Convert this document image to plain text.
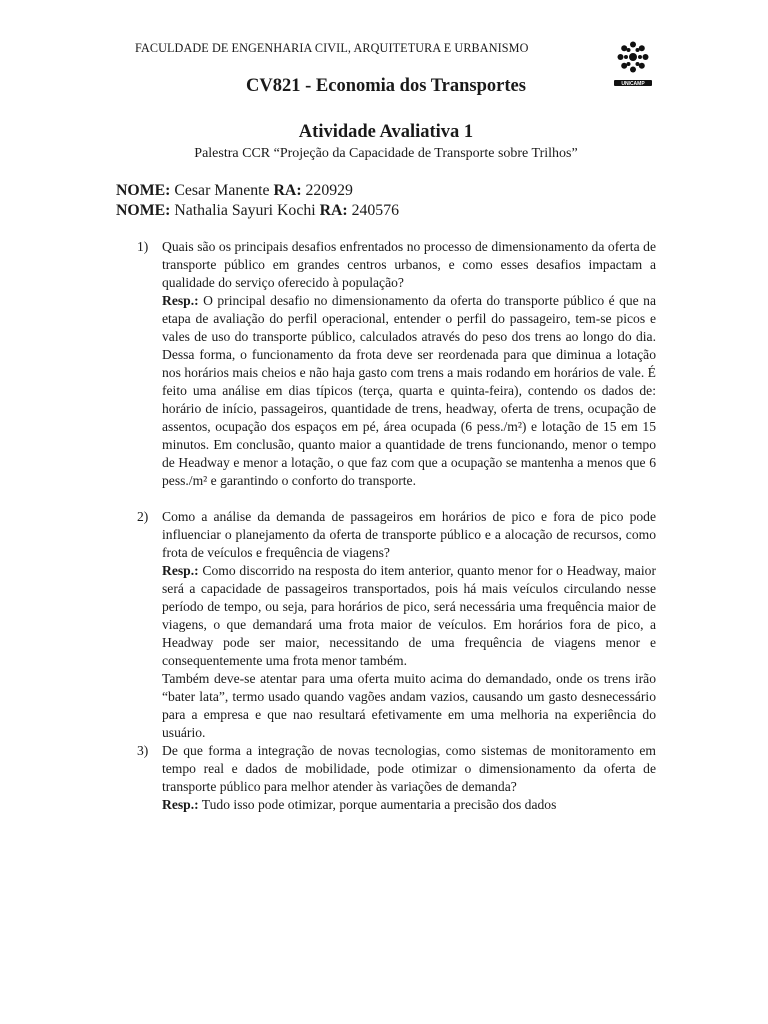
FACULDADE DE ENGENHARIA CIVIL, ARQUITETURA E URBANISMO
UNICAMP
CV821 - Economia dos Transportes
Atividade Avaliativa 1
Palestra CCR “Projeção da Capacidade de Transporte sobre Trilhos”
NOME: Cesar Manente RA: 220929
NOME: Nathalia Sayuri Kochi RA: 240576
1) Quais são os principais desafios enfrentados no processo de dimensionamento da oferta de transporte público em grandes centros urbanos, e como esses desafios impactam a qualidade do serviço oferecido à população?

Resp.: O principal desafio no dimensionamento da oferta do transporte público é que na etapa de avaliação do perfil operacional, entender o perfil do passageiro, tem-se picos e vales de uso do transporte público, calculados através do peso dos trens ao longo do dia. Dessa forma, o funcionamento da frota deve ser reordenada para que diminua a lotação nos horários mais cheios e não haja gasto com trens a mais rodando em horários de vale. É feito uma análise em dias típicos (terça, quarta e quinta-feira), contendo os dados de: horário de início, passageiros, quantidade de trens, headway, oferta de trens, ocupação de assentos, ocupação dos espaços em pé, área ocupada (6 pess./m²) e lotação de 15 em 15 minutos. Em conclusão, quanto maior a quantidade de trens funcionando, menor o tempo de Headway e menor a lotação, o que faz com que a ocupação se mantenha a menos que 6 pess./m² e garantindo o conforto do transporte.

2) Como a análise da demanda de passageiros em horários de pico e fora de pico pode influenciar o planejamento da oferta de transporte público e a alocação de recursos, como frota de veículos e frequência de viagens?

Resp.: Como discorrido na resposta do item anterior, quanto menor for o Headway, maior será a capacidade de passageiros transportados, pois há mais veículos circulando nesse período de tempo, ou seja, para horários de pico, será necessária uma frequência maior de viagens, o que demandará uma frota maior de veículos. Em horários fora de pico, a Headway pode ser maior, necessitando de uma frequência de viagens menor e consequentemente uma frota menor também.

Também deve-se atentar para uma oferta muito acima do demandado, onde os trens irão “bater lata”, termo usado quando vagões andam vazios, causando um gasto desnecessário para a empresa e que nao resultará efetivamente em uma melhoria na experiência do usuário.

3) De que forma a integração de novas tecnologias, como sistemas de monitoramento em tempo real e dados de mobilidade, pode otimizar o dimensionamento da oferta de transporte público para melhor atender às variações de demanda?

Resp.: Tudo isso pode otimizar, porque aumentaria a precisão dos dados
